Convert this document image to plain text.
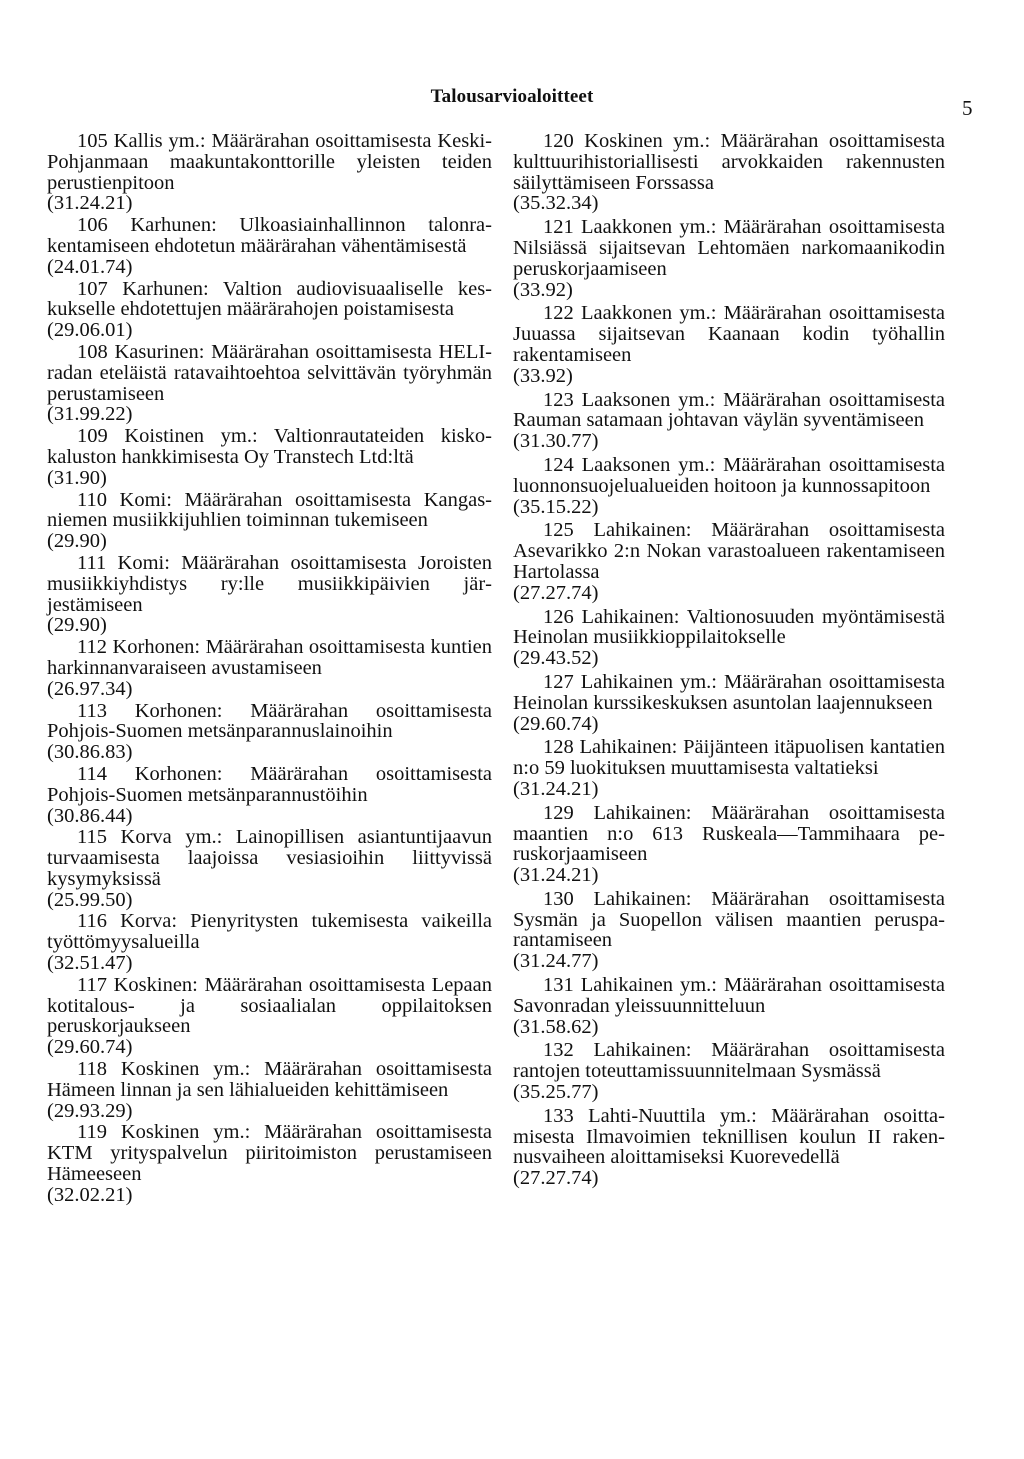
Talousarvioaloitteet	5

105 Kallis ym.: Määrärahan osoittamisesta Keski-Pohjanmaan maakuntakonttorille yleisten teiden perustienpitoon

(31.24.21)

106 Karhunen: Ulkoasiainhallinnon talonrakentamiseen ehdotetun määrärahan vähentämisestä

(24.01.74)

107 Karhunen: Valtion audiovisuaaliselle keskukselle ehdotettujen määrärahojen poistamisesta

(29.06.01)

108 Kasurinen: Määrärahan osoittamisesta HELI-radan eteläistä ratavaihtoehtoa selvittävän työryhmän perustamiseen

(31.99.22)

109 Koistinen ym.: Valtionrautateiden kiskokaluston hankkimisesta Oy Transtech Ltd:ltä

(31.90)

110 Komi: Määrärahan osoittamisesta Kangasniemen musiikkijuhlien toiminnan tukemiseen

(29.90)

111 Komi: Määrärahan osoittamisesta Joroisten musiikkiyhdistys ry:lle musiikkipäivien järjestämiseen

(29.90)

112 Korhonen: Määrärahan osoittamisesta kuntien harkinnanvaraiseen avustamiseen

(26.97.34)

113 Korhonen: Määrärahan osoittamisesta Pohjois-Suomen metsänparannuslainoihin

(30.86.83)

114 Korhonen: Määrärahan osoittamisesta Pohjois-Suomen metsänparannustöihin

(30.86.44)

115 Korva ym.: Lainopillisen asiantuntijaavun turvaamisesta laajoissa vesiasioihin liittyvissä kysymyksissä

(25.99.50)

116 Korva: Pienyritysten tukemisesta vaikeilla työttömyysalueilla

(32.51.47)

117 Koskinen: Määrärahan osoittamisesta Lepaan kotitalous- ja sosiaalialan oppilaitoksen peruskorjaukseen

(29.60.74)

118 Koskinen ym.: Määrärahan osoittamisesta Hämeen linnan ja sen lähialueiden kehittämiseen

(29.93.29)

119 Koskinen ym.: Määrärahan osoittamisesta KTM yrityspalvelun piiritoimiston perustamiseen Hämeeseen

(32.02.21)

120 Koskinen ym.: Määrärahan osoittamisesta kulttuurihistoriallisesti arvokkaiden rakennusten säilyttämiseen Forssassa

(35.32.34)

121 Laakkonen ym.: Määrärahan osoittamisesta Nilsiässä sijaitsevan Lehtomäen narkomaanikodin peruskorjaamiseen

(33.92)

122 Laakkonen ym.: Määrärahan osoittamisesta Juuassa sijaitsevan Kaanaan kodin työhallin rakentamiseen

(33.92)

123 Laaksonen ym.: Määrärahan osoittamisesta Rauman satamaan johtavan väylän syventämiseen

(31.30.77)

124 Laaksonen ym.: Määrärahan osoittamisesta luonnonsuojelualueiden hoitoon ja kunnossapitoon

(35.15.22)

125 Lahikainen: Määrärahan osoittamisesta Asevarikko 2:n Nokan varastoalueen rakentamiseen Hartolassa

(27.27.74)

126 Lahikainen: Valtionosuuden myöntämisestä Heinolan musiikkioppilaitokselle

(29.43.52)

127 Lahikainen ym.: Määrärahan osoittamisesta Heinolan kurssikeskuksen asuntolan laajennukseen

(29.60.74)

128 Lahikainen: Päijänteen itäpuolisen kantatien n:o 59 luokituksen muuttamisesta valtatieksi

(31.24.21)

129 Lahikainen: Määrärahan osoittamisesta maantien n:o 613 Ruskeala—Tammihaara peruskorjaamiseen

(31.24.21)

130 Lahikainen: Määrärahan osoittamisesta Sysmän ja Suopellon välisen maantien perusparantamiseen

(31.24.77)

131 Lahikainen ym.: Määrärahan osoittamisesta Savonradan yleissuunnitteluun

(31.58.62)

132 Lahikainen: Määrärahan osoittamisesta rantojen toteuttamissuunnitelmaan Sysmässä

(35.25.77)

133 Lahti-Nuuttila ym.: Määrärahan osoittamisesta Ilmavoimien teknillisen koulun II rakennusvaiheen aloittamiseksi Kuorevedellä

(27.27.74)
